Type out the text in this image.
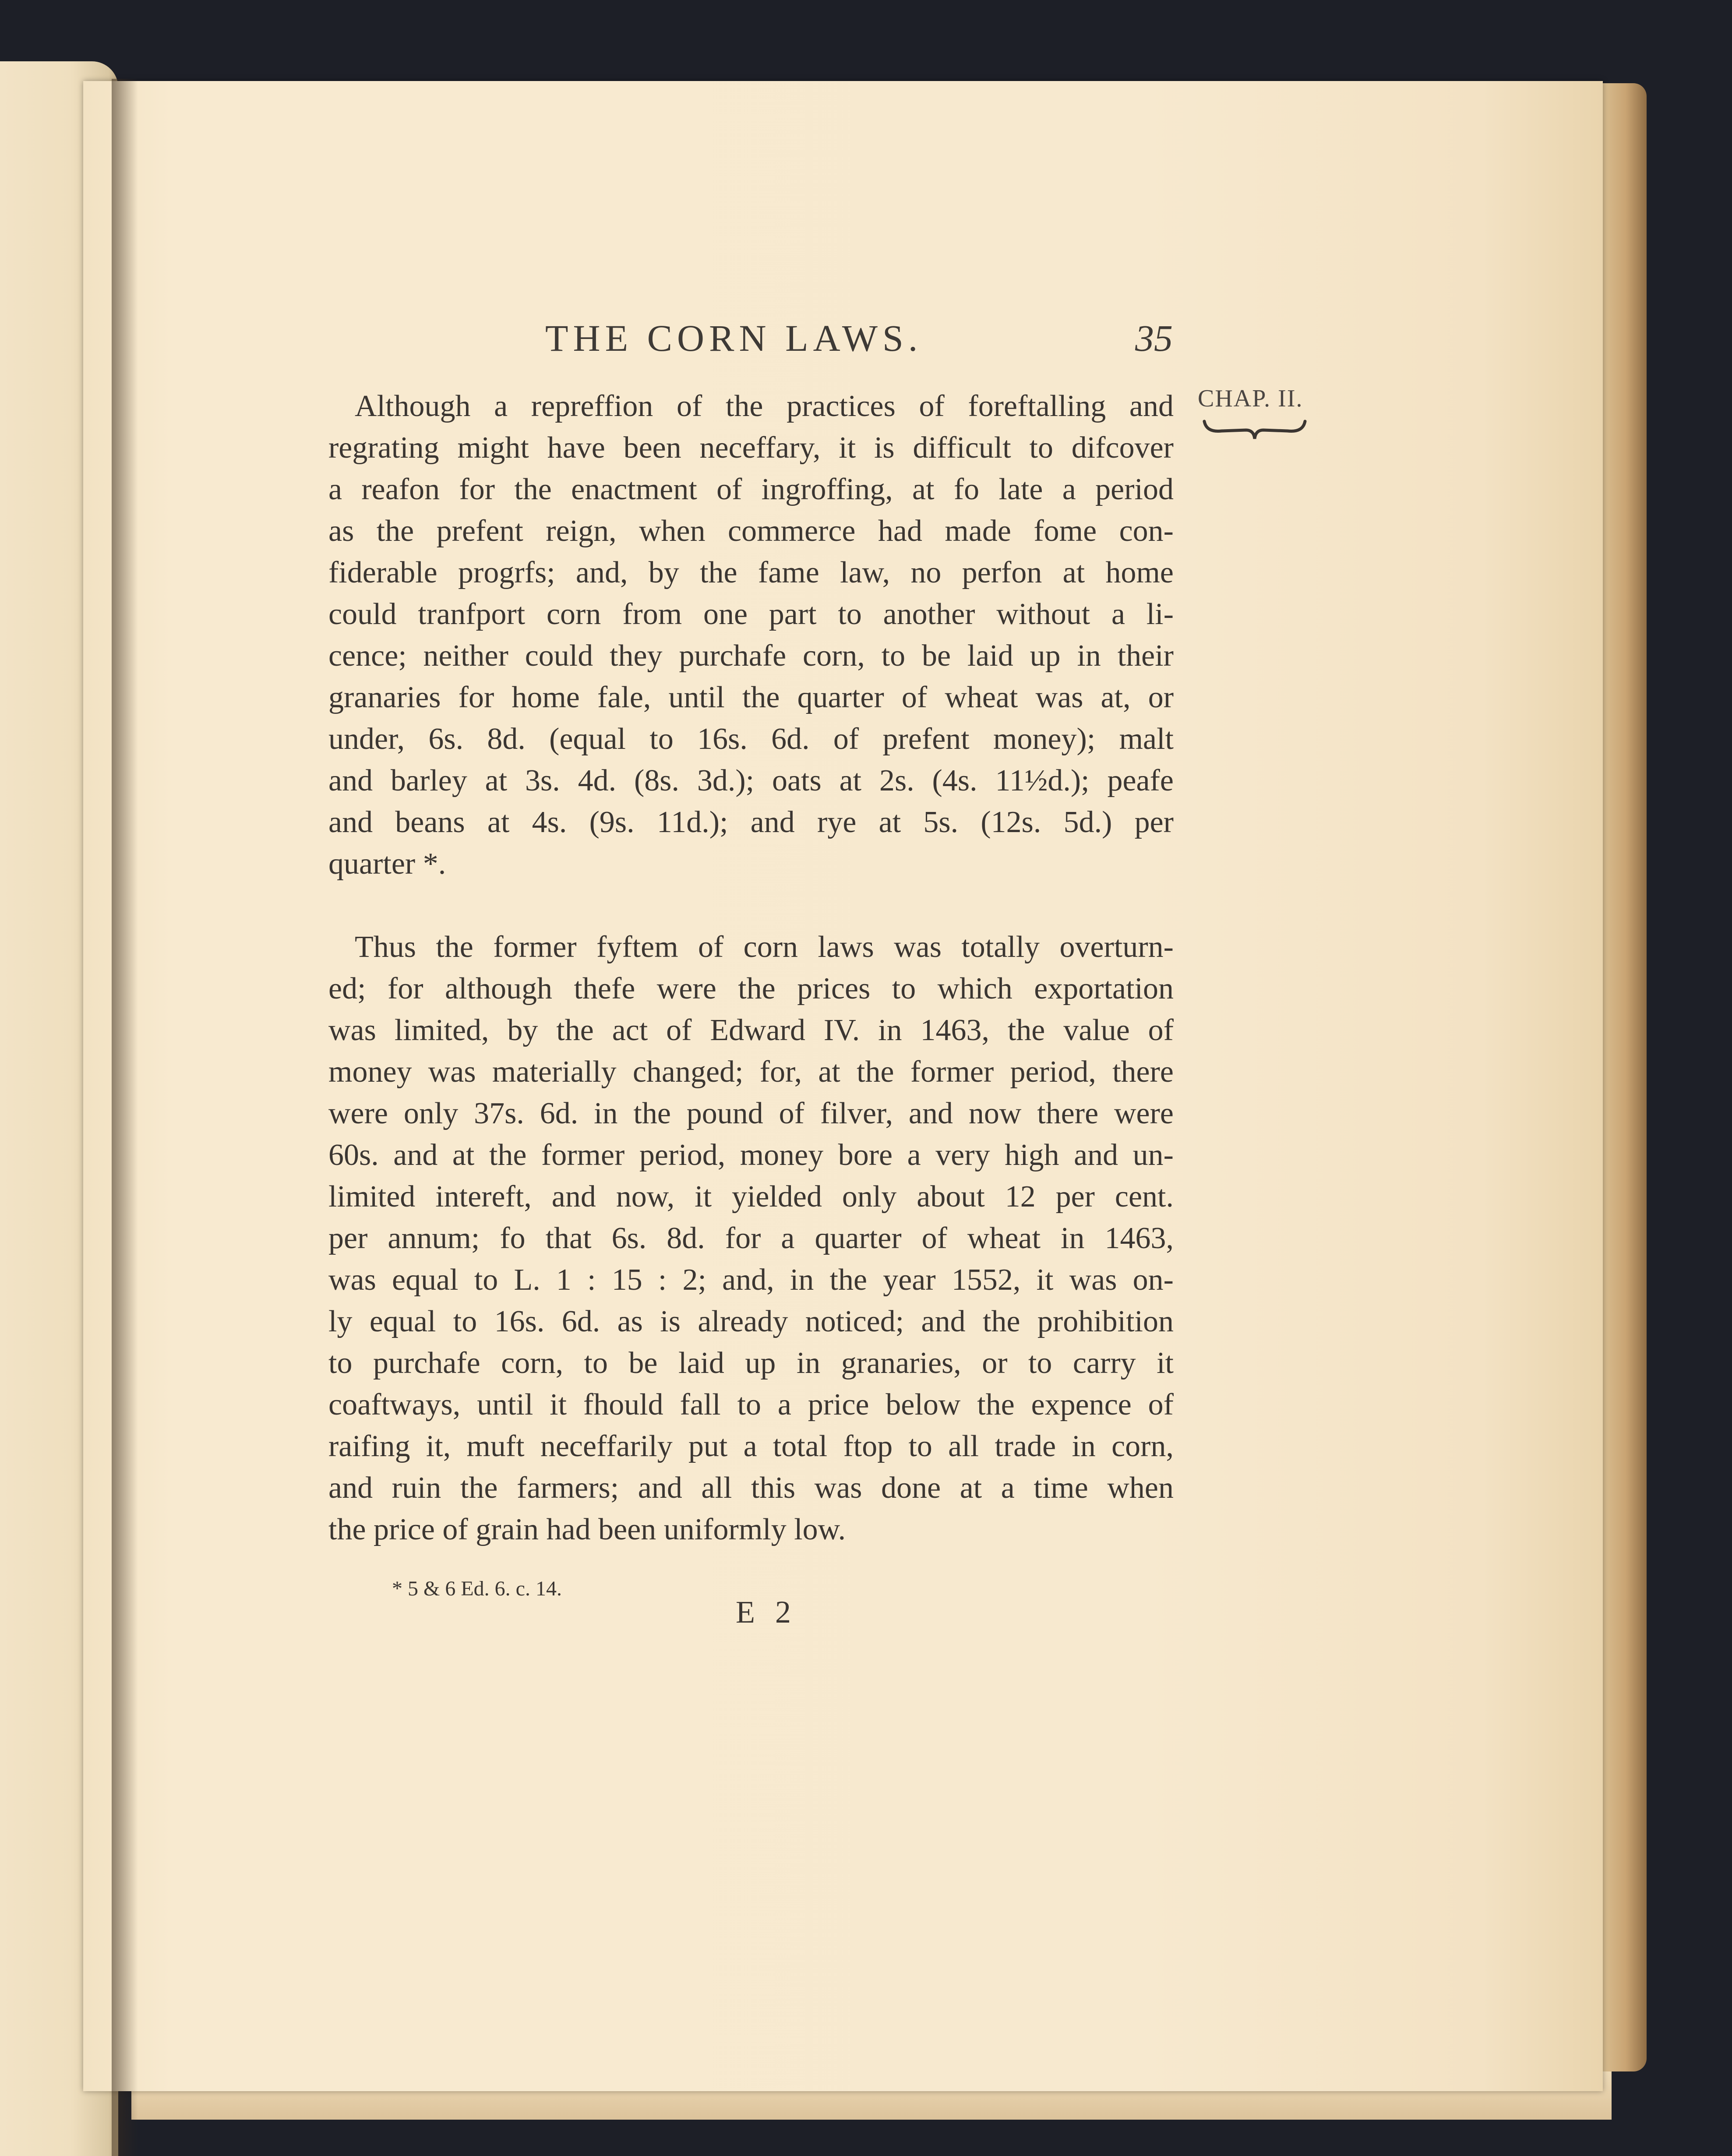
THE CORN LAWS.	35
CHAP. II.
Although a repreffion of the practices of foreftalling and
regrating might have been neceffary, it is difficult to difcover
a reafon for the enactment of ingroffing, at fo late a period
as the prefent reign, when commerce had made fome con-
fiderable progrfs; and, by the fame law, no perfon at home
could tranfport corn from one part to another without a li-
cence; neither could they purchafe corn, to be laid up in their
granaries for home fale, until the quarter of wheat was at, or
under, 6s. 8d. (equal to 16s. 6d. of prefent money); malt
and barley at 3s. 4d. (8s. 3d.); oats at 2s. (4s. 11½d.); peafe
and beans at 4s. (9s. 11d.); and rye at 5s. (12s. 5d.) per
quarter *.
Thus the former fyftem of corn laws was totally overturn-
ed; for although thefe were the prices to which exportation
was limited, by the act of Edward IV. in 1463, the value of
money was materially changed; for, at the former period, there
were only 37s. 6d. in the pound of filver, and now there were
60s. and at the former period, money bore a very high and un-
limited intereft, and now, it yielded only about 12 per cent.
per annum; fo that 6s. 8d. for a quarter of wheat in 1463,
was equal to L. 1 : 15 : 2; and, in the year 1552, it was on-
ly equal to 16s. 6d. as is already noticed; and the prohibition
to purchafe corn, to be laid up in granaries, or to carry it
coaftways, until it fhould fall to a price below the expence of
raifing it, muft neceffarily put a total ftop to all trade in corn,
and ruin the farmers; and all this was done at a time when
the price of grain had been uniformly low.
* 5 & 6 Ed. 6. c. 14.
E 2
